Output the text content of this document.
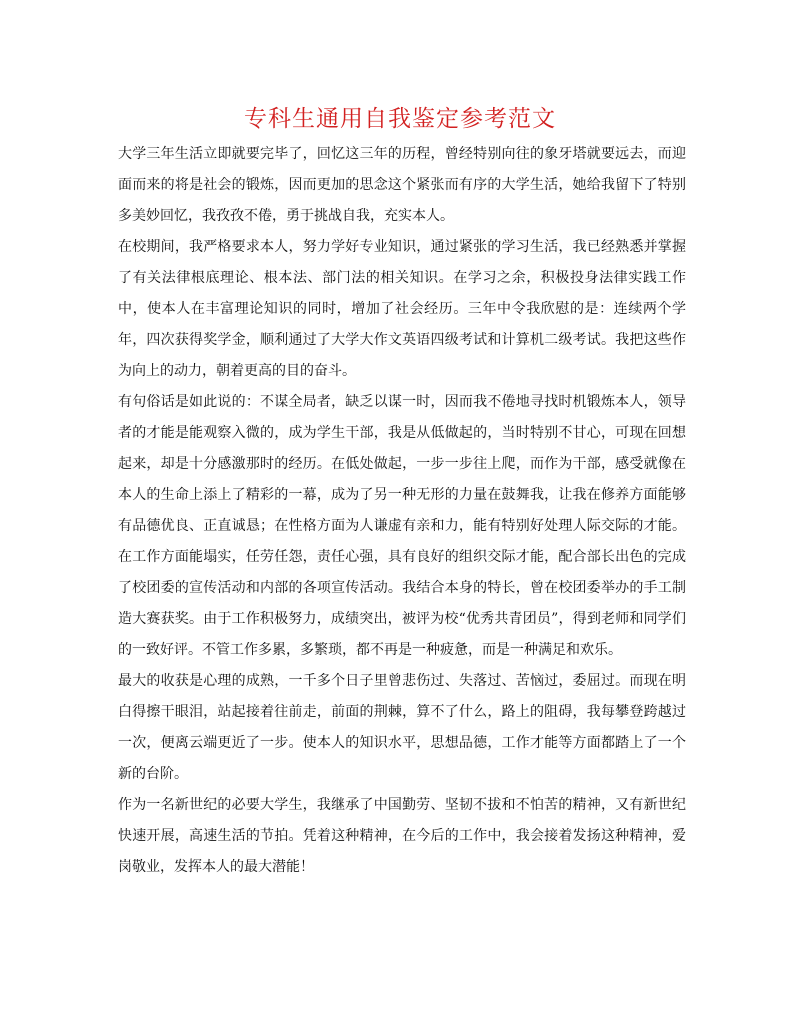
专科生通用自我鉴定参考范文

大学三年生活立即就要完毕了，回忆这三年的历程，曾经特别向往的象牙塔就要远去，而迎面而来的将是社会的锻炼，因而更加的思念这个紧张而有序的大学生活，她给我留下了特别多美妙回忆，我孜孜不倦，勇于挑战自我，充实本人。

在校期间，我严格要求本人，努力学好专业知识，通过紧张的学习生活，我已经熟悉并掌握了有关法律根底理论、根本法、部门法的相关知识。在学习之余，积极投身法律实践工作中，使本人在丰富理论知识的同时，增加了社会经历。三年中令我欣慰的是：连续两个学年，四次获得奖学金，顺利通过了大学大作文英语四级考试和计算机二级考试。我把这些作为向上的动力，朝着更高的目的奋斗。

有句俗话是如此说的：不谋全局者，缺乏以谋一时，因而我不倦地寻找时机锻炼本人，领导者的才能是能观察入微的，成为学生干部，我是从低做起的，当时特别不甘心，可现在回想起来，却是十分感激那时的经历。在低处做起，一步一步往上爬，而作为干部，感受就像在本人的生命上添上了精彩的一幕，成为了另一种无形的力量在鼓舞我，让我在修养方面能够有品德优良、正直诚恳；在性格方面为人谦虚有亲和力，能有特别好处理人际交际的才能。在工作方面能塌实，任劳任怨，责任心强，具有良好的组织交际才能，配合部长出色的完成了校团委的宣传活动和内部的各项宣传活动。我结合本身的特长，曾在校团委举办的手工制造大赛获奖。由于工作积极努力，成绩突出，被评为校“优秀共青团员”，得到老师和同学们的一致好评。不管工作多累，多繁琐，都不再是一种疲惫，而是一种满足和欢乐。

最大的收获是心理的成熟，一千多个日子里曾悲伤过、失落过、苦恼过，委屈过。而现在明白得擦干眼泪，站起接着往前走，前面的荆棘，算不了什么，路上的阻碍，我每攀登跨越过一次，便离云端更近了一步。使本人的知识水平，思想品德，工作才能等方面都踏上了一个新的台阶。

作为一名新世纪的必要大学生，我继承了中国勤劳、坚韧不拔和不怕苦的精神，又有新世纪快速开展，高速生活的节拍。凭着这种精神，在今后的工作中，我会接着发扬这种精神，爱岗敬业，发挥本人的最大潜能！
